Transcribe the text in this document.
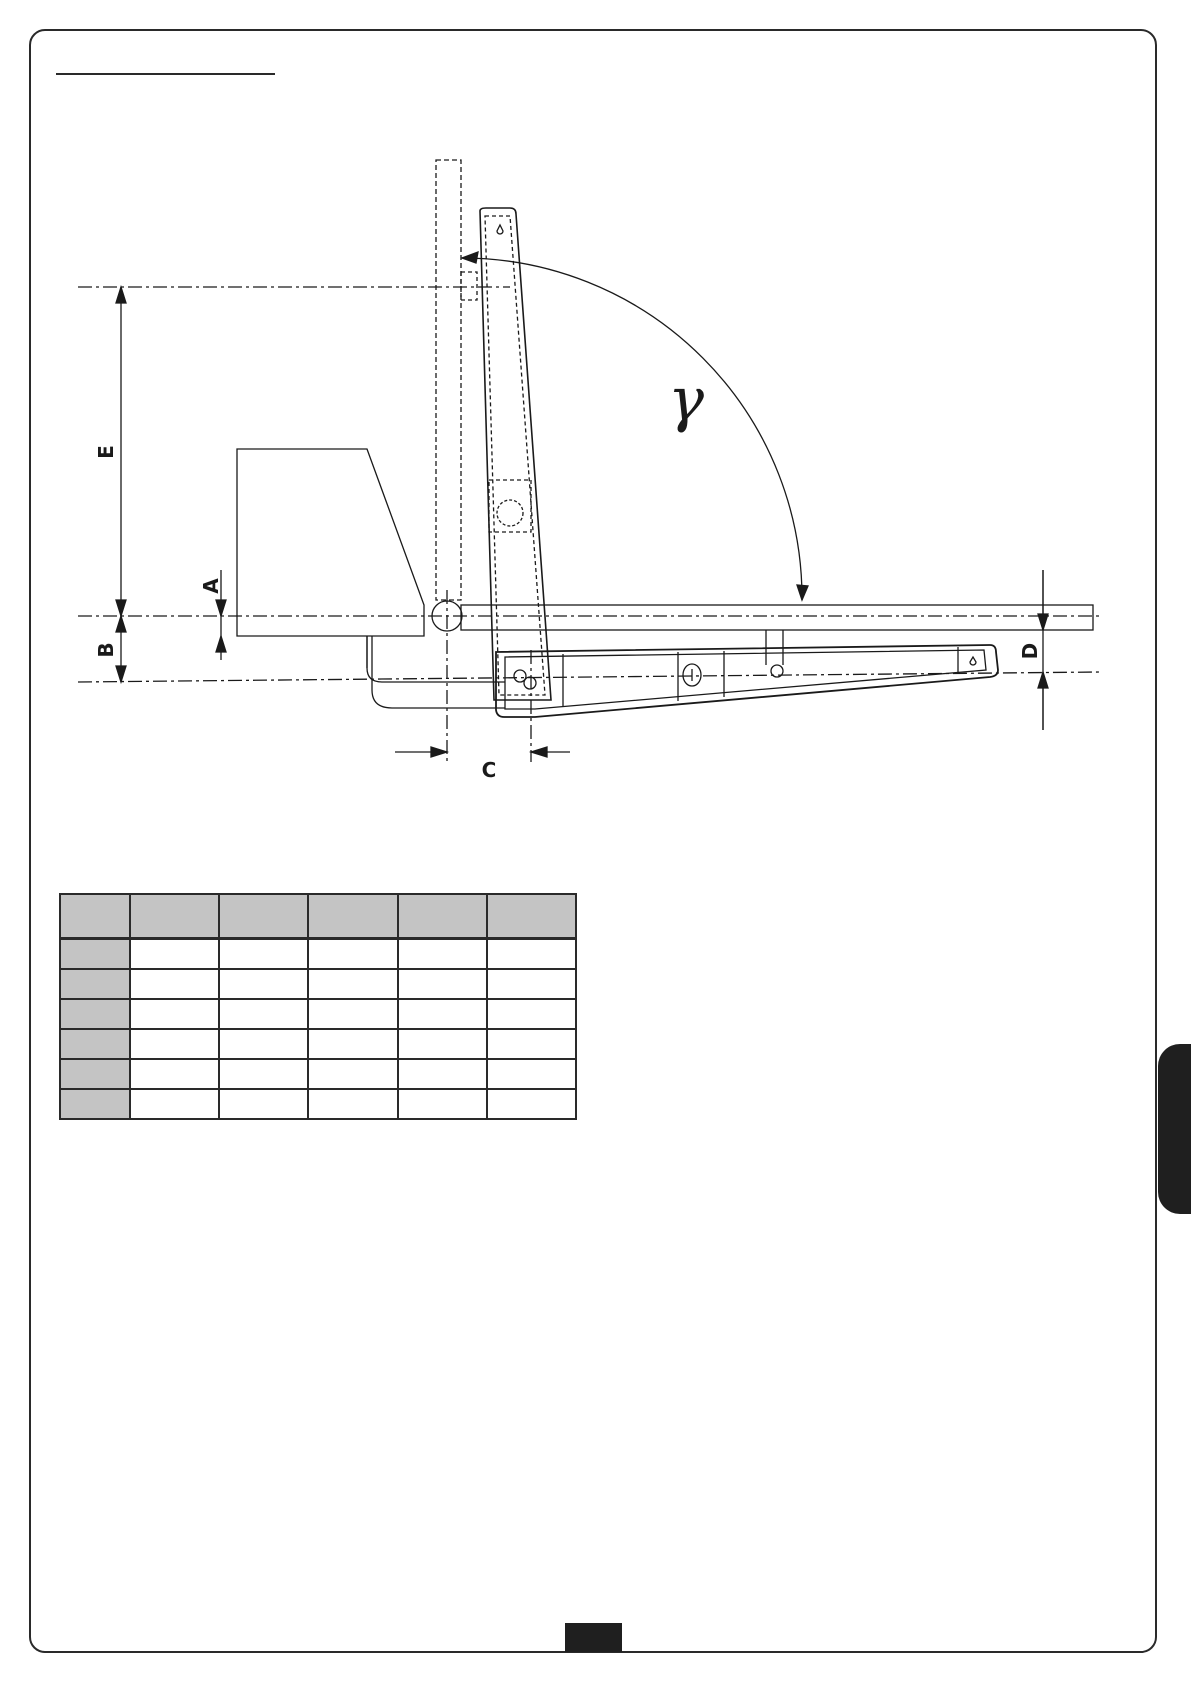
E
A
B
C
D
γ
